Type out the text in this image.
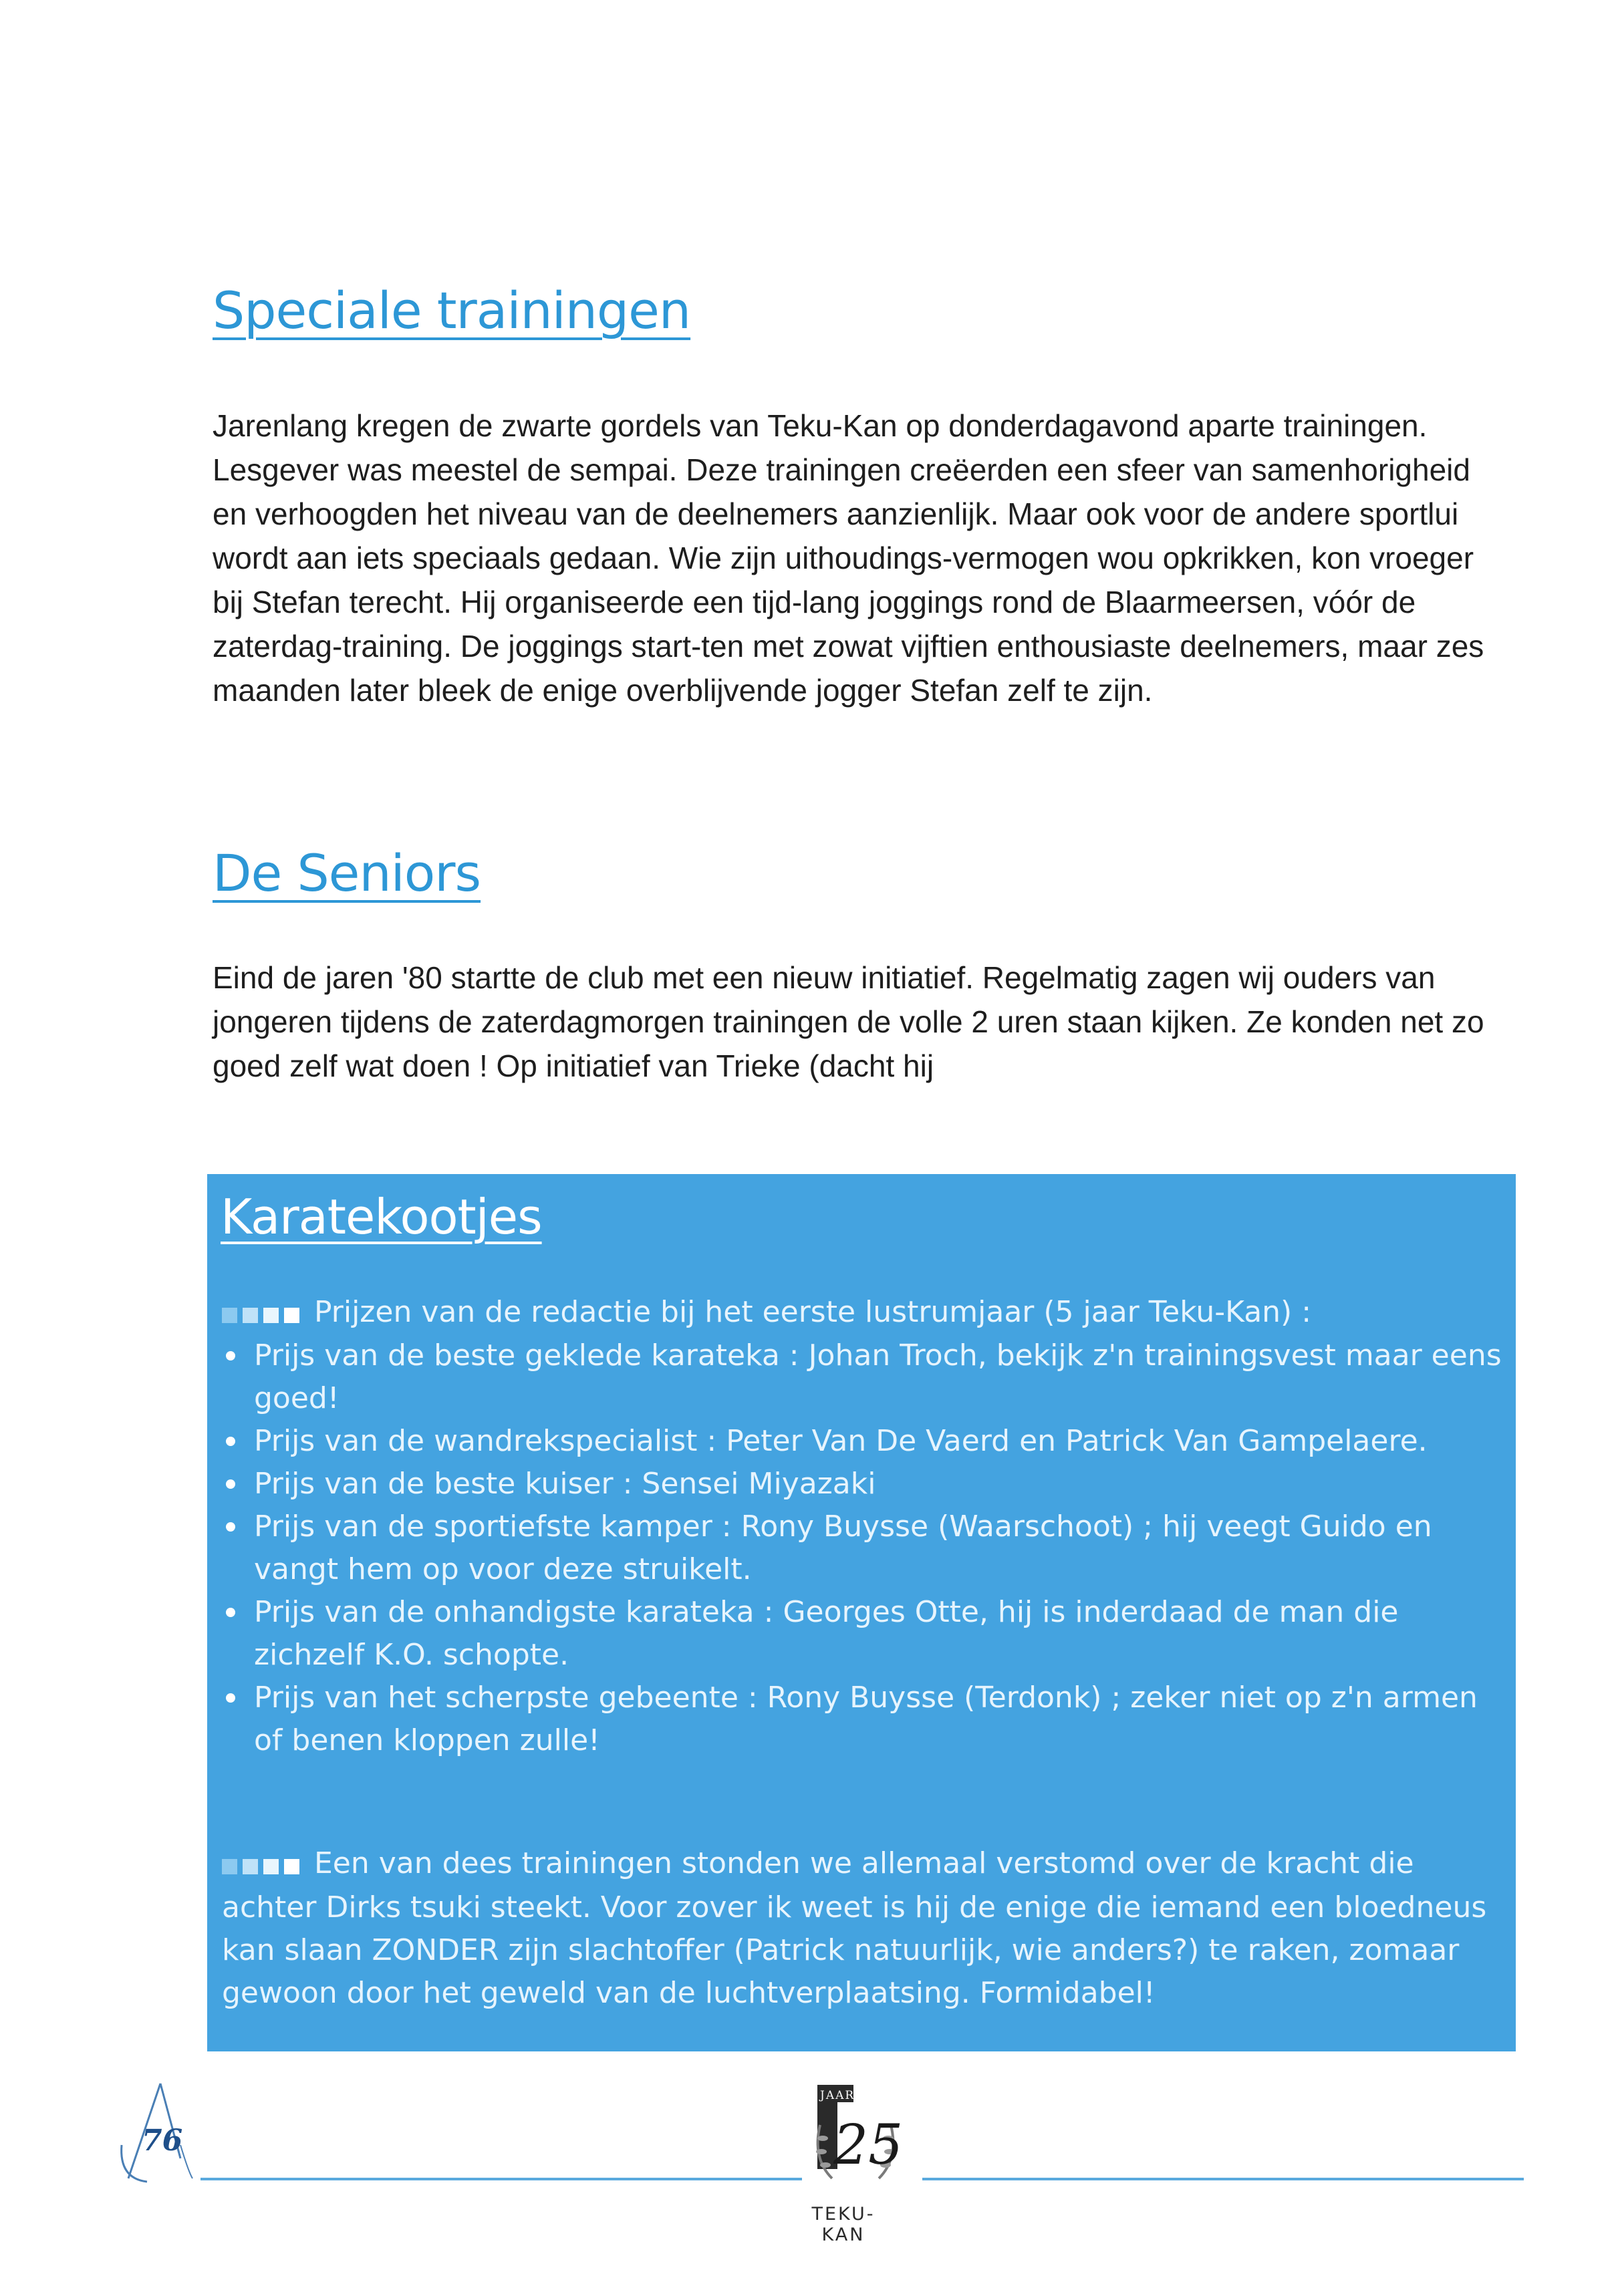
Speciale trainingen

Jarenlang kregen de zwarte gordels van Teku-Kan op donderdagavond aparte trainingen. Lesgever was meestel de sempai. Deze trainingen creëerden een sfeer van samenhorigheid en verhoogden het niveau van de deelnemers aanzienlijk. Maar ook voor de andere sportlui wordt aan iets speciaals gedaan. Wie zijn uithoudings-vermogen wou opkrikken, kon vroeger bij Stefan terecht. Hij organiseerde een tijd-lang joggings rond de Blaarmeersen, vóór de zaterdag-training. De joggings start-ten met zowat vijftien enthousiaste deelnemers, maar zes maanden later bleek de enige overblijvende jogger Stefan zelf te zijn.

De Seniors

Eind de jaren '80 startte de club met een nieuw initiatief. Regelmatig zagen wij ouders van jongeren tijdens de zaterdagmorgen trainingen de volle 2 uren staan kijken. Ze konden net zo goed zelf wat doen ! Op initiatief van Trieke (dacht hij

Karatekootjes

Prijzen van de redactie bij het eerste lustrumjaar (5 jaar Teku-Kan) :

Prijs van de beste geklede karateka : Johan Troch, bekijk z'n trainingsvest maar eens goed!
Prijs van de wandrekspecialist : Peter Van De Vaerd en Patrick Van Gampelaere.
Prijs van de beste kuiser : Sensei Miyazaki
Prijs van de sportiefste kamper : Rony Buysse (Waarschoot) ; hij veegt Guido en vangt hem op voor deze struikelt.
Prijs van de onhandigste karateka : Georges Otte, hij is inderdaad de man die zichzelf K.O. schopte.
Prijs van het scherpste gebeente : Rony Buysse (Terdonk) ; zeker niet op z'n armen of benen kloppen zulle!

Een van dees trainingen stonden we allemaal verstomd over de kracht die achter Dirks tsuki steekt. Voor zover ik weet is hij de enige die iemand een bloedneus kan slaan ZONDER zijn slachtoffer (Patrick natuurlijk, wie anders?) te raken, zomaar gewoon door het geweld van de luchtverplaatsing. Formidabel!

76
JAAR
25
TEKU-KAN
